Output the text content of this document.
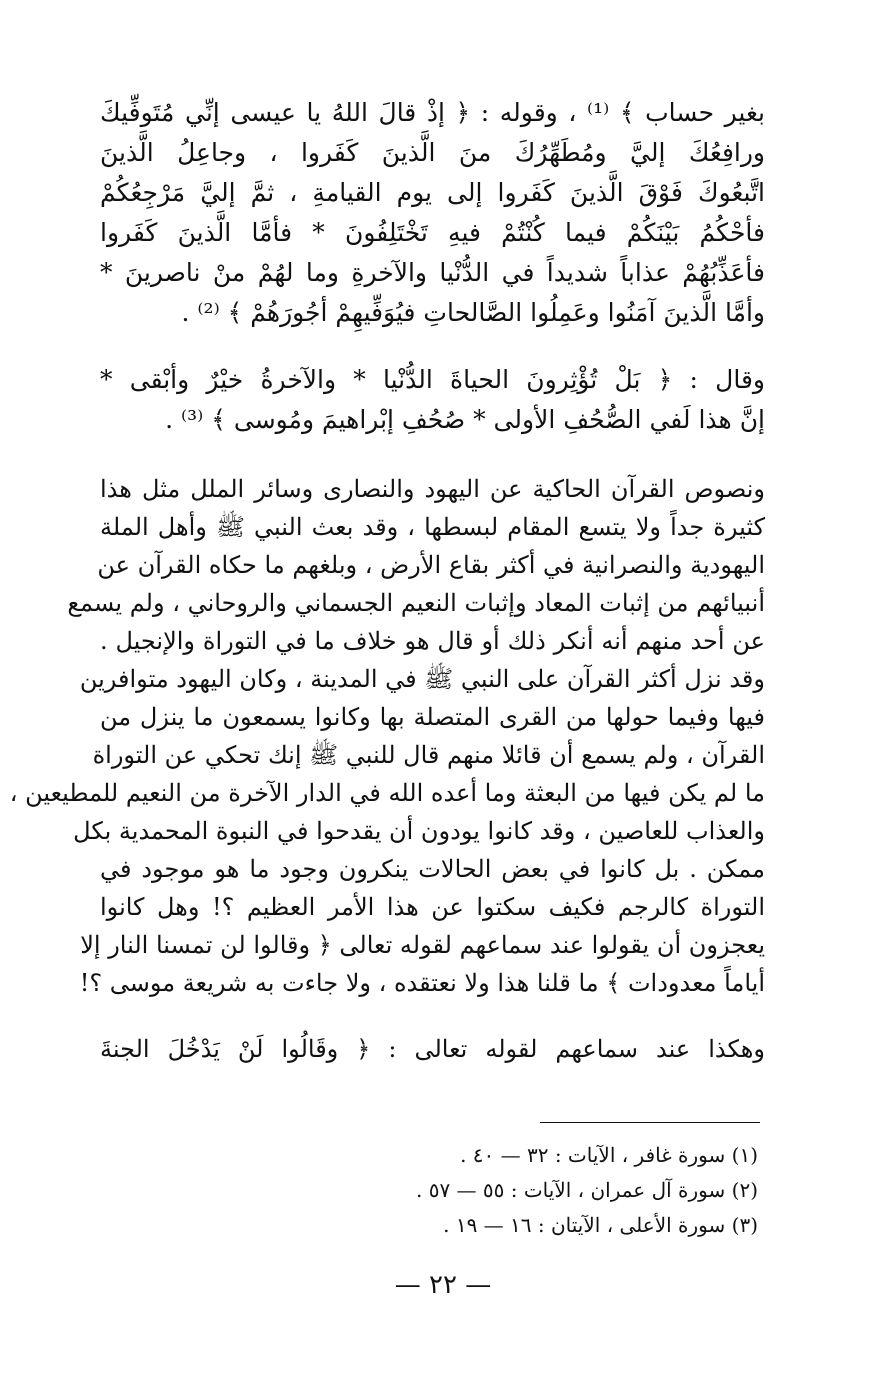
بغير حساب ﴾ ⁽¹⁾ ، وقوله : ﴿ إذْ قالَ اللهُ يا عيسى إنِّي مُتَوفِّيكَ
ورافِعُكَ إليَّ ومُطَهِّرُكَ منَ الَّذينَ كَفَروا ، وجاعِلُ الَّذينَ
اتَّبعُوكَ فَوْقَ الَّذينَ كَفَروا إلى يوم القيامةِ ، ثمَّ إليَّ مَرْجِعُكُمْ
فأحْكُمُ بَيْنَكُمْ فيما كُنْتُمْ فيهِ تَخْتَلِفُونَ * فأمَّا الَّذينَ كَفَروا
فأعَذِّبُهُمْ عذاباً شديداً في الدُّنْيا والآخرةِ وما لهُمْ منْ ناصرينَ *
وأمَّا الَّذينَ آمَنُوا وعَمِلُوا الصَّالحاتِ فيُوَفِّيهِمْ أجُورَهُمْ ﴾ ⁽²⁾ .
وقال : ﴿ بَلْ تُؤْثِرونَ الحياةَ الدُّنْيا * والآخرةُ خيْرٌ وأبْقى *
إنَّ هذا لَفي الصُّحُفِ الأولى * صُحُفِ إبْراهيمَ ومُوسى ﴾ ⁽³⁾ .
ونصوص القرآن الحاكية عن اليهود والنصارى وسائر الملل مثل هذا
كثيرة جداً ولا يتسع المقام لبسطها ، وقد بعث النبي ﷺ وأهل الملة
اليهودية والنصرانية في أكثر بقاع الأرض ، وبلغهم ما حكاه القرآن عن
أنبيائهم من إثبات المعاد وإثبات النعيم الجسماني والروحاني ، ولم يسمع
عن أحد منهم أنه أنكر ذلك أو قال هو خلاف ما في التوراة والإنجيل .
وقد نزل أكثر القرآن على النبي ﷺ في المدينة ، وكان اليهود متوافرين
فيها وفيما حولها من القرى المتصلة بها وكانوا يسمعون ما ينزل من
القرآن ، ولم يسمع أن قائلا منهم قال للنبي ﷺ إنك تحكي عن التوراة
ما لم يكن فيها من البعثة وما أعده الله في الدار الآخرة من النعيم للمطيعين ،
والعذاب للعاصين ، وقد كانوا يودون أن يقدحوا في النبوة المحمدية بكل
ممكن . بل كانوا في بعض الحالات ينكرون وجود ما هو موجود في
التوراة كالرجم فكيف سكتوا عن هذا الأمر العظيم ؟! وهل كانوا
يعجزون أن يقولوا عند سماعهم لقوله تعالى ﴿ وقالوا لن تمسنا النار إلا
أياماً معدودات ﴾ ما قلنا هذا ولا نعتقده ، ولا جاءت به شريعة موسى ؟!
وهكذا عند سماعهم لقوله تعالى : ﴿ وقَالُوا لَنْ يَدْخُلَ الجنةَ
(١) سورة غافر ، الآيات : ٣٢ — ٤٠ .
(٢) سورة آل عمران ، الآيات : ٥٥ — ٥٧ .
(٣) سورة الأعلى ، الآيتان : ١٦ — ١٩ .
— ٢٢ —
